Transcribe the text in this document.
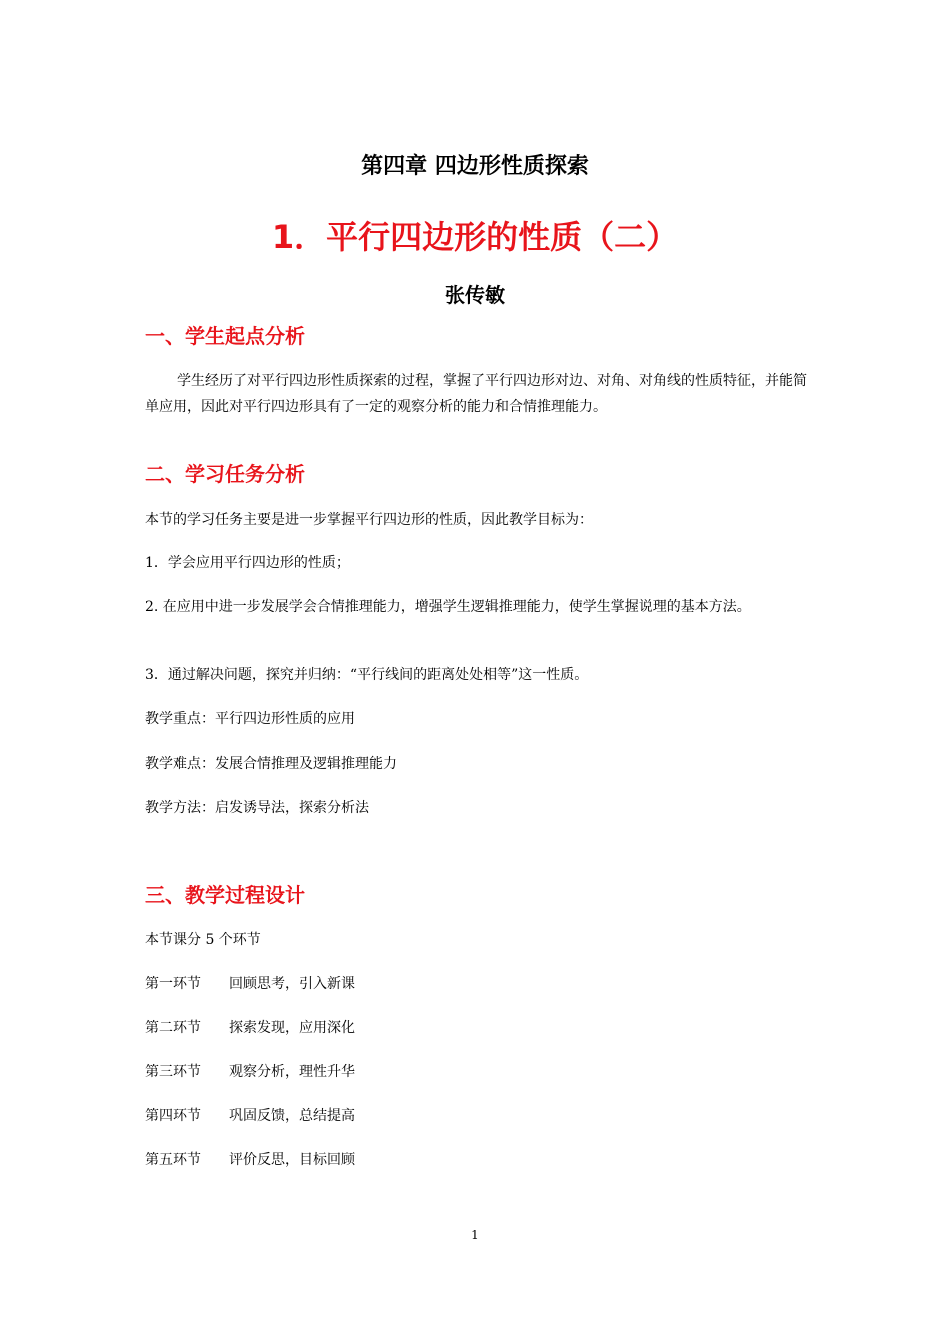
第四章 四边形性质探索
1．平行四边形的性质（二）
张传敏
一、学生起点分析
学生经历了对平行四边形性质探索的过程，掌握了平行四边形对边、对角、对角线的性质特征，并能简单应用，因此对平行四边形具有了一定的观察分析的能力和合情推理能力。
二、学习任务分析
本节的学习任务主要是进一步掌握平行四边形的性质，因此教学目标为：
1．学会应用平行四边形的性质；
2. 在应用中进一步发展学会合情推理能力，增强学生逻辑推理能力，使学生掌握说理的基本方法。
3．通过解决问题，探究并归纳：“平行线间的距离处处相等”这一性质。
教学重点：平行四边形性质的应用
教学难点：发展合情推理及逻辑推理能力
教学方法：启发诱导法，探索分析法
三、教学过程设计
本节课分 5 个环节
第一环节 回顾思考，引入新课
第二环节 探索发现，应用深化
第三环节 观察分析，理性升华
第四环节 巩固反馈，总结提高
第五环节 评价反思，目标回顾
1
